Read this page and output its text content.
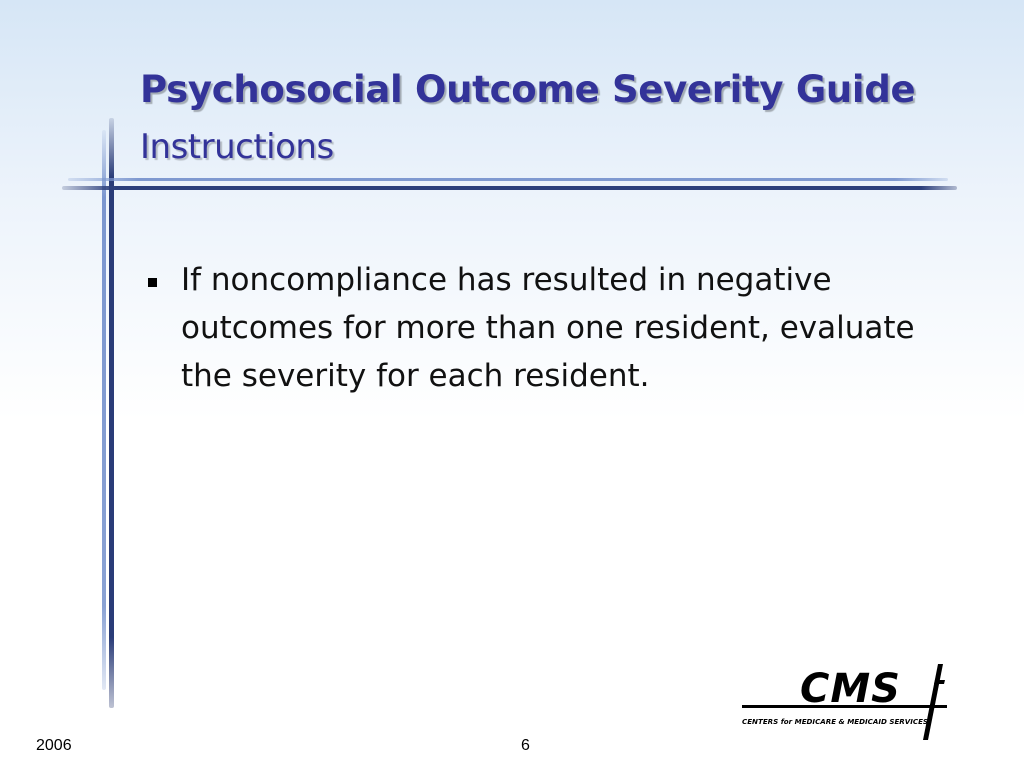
Psychosocial Outcome Severity Guide
Instructions
If noncompliance has resulted in negative outcomes for more than one resident, evaluate the severity for each resident.
CMS
CENTERS for MEDICARE & MEDICAID SERVICES
2006	6
